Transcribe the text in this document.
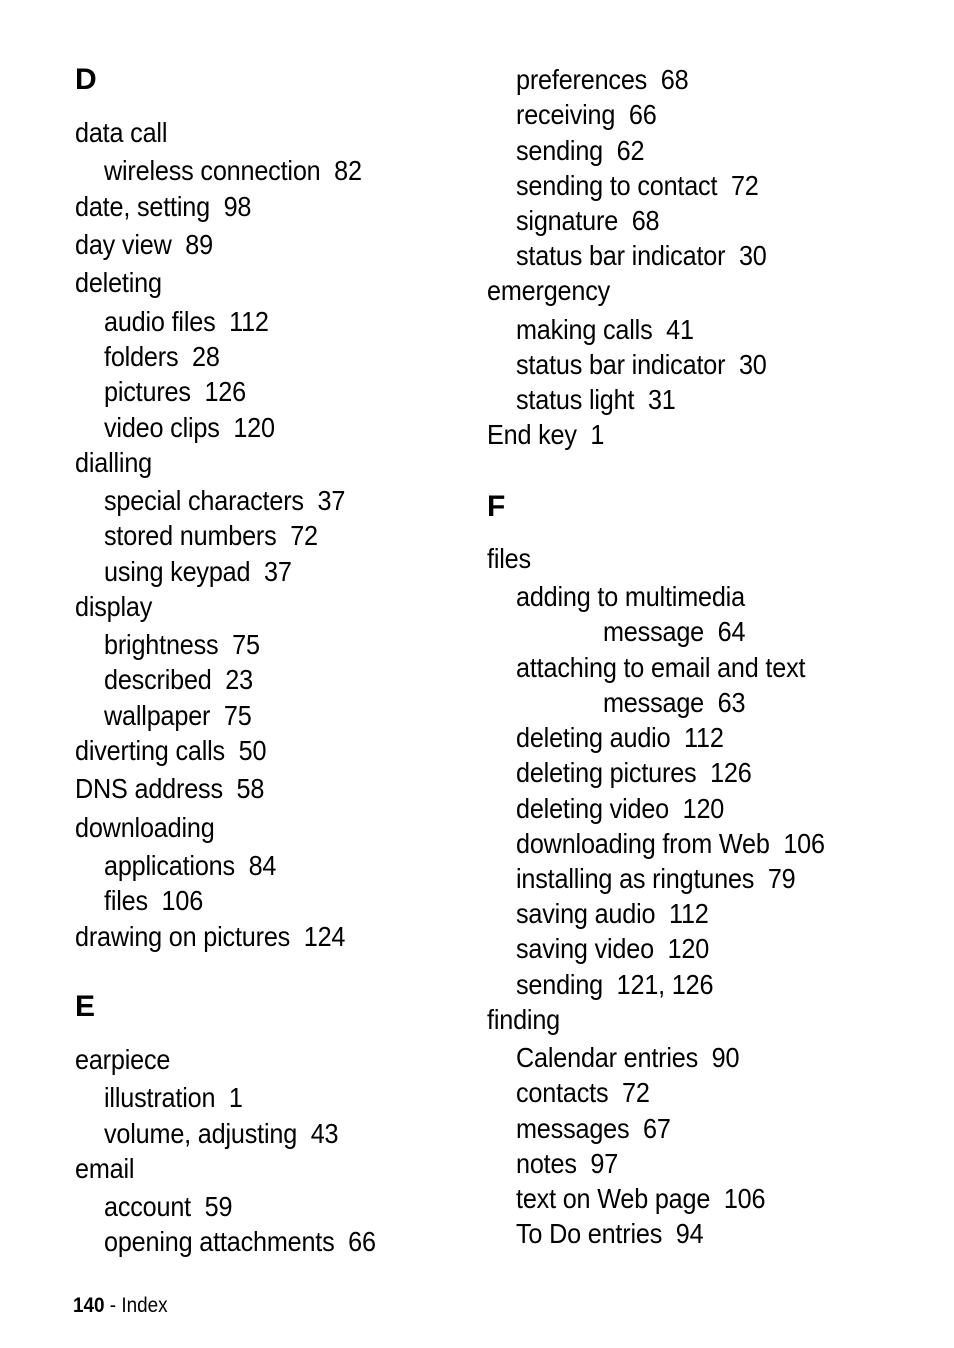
D
data call
wireless connection  82
date, setting  98
day view  89
deleting
audio files  112
folders  28
pictures  126
video clips  120
dialling
special characters  37
stored numbers  72
using keypad  37
display
brightness  75
described  23
wallpaper  75
diverting calls  50
DNS address  58
downloading
applications  84
files  106
drawing on pictures  124
E
earpiece
illustration  1
volume, adjusting  43
email
account  59
opening attachments  66
preferences  68
receiving  66
sending  62
sending to contact  72
signature  68
status bar indicator  30
emergency
making calls  41
status bar indicator  30
status light  31
End key  1
F
files
adding to multimedia
message  64
attaching to email and text
message  63
deleting audio  112
deleting pictures  126
deleting video  120
downloading from Web  106
installing as ringtunes  79
saving audio  112
saving video  120
sending  121, 126
finding
Calendar entries  90
contacts  72
messages  67
notes  97
text on Web page  106
To Do entries  94
140 - Index
